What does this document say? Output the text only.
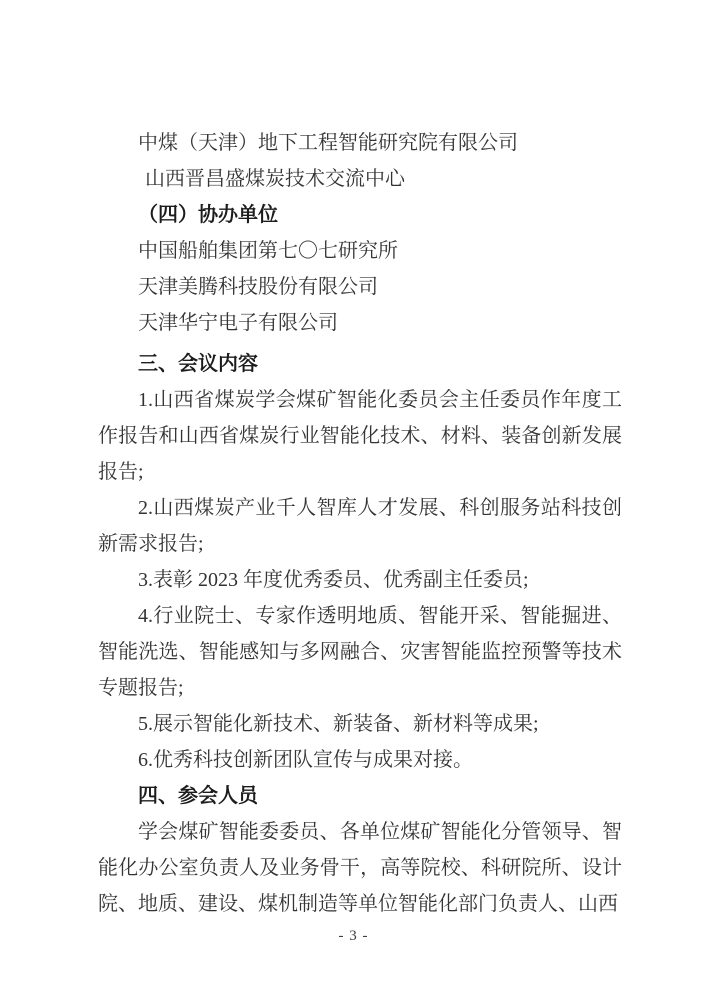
中煤（天津）地下工程智能研究院有限公司
山西晋昌盛煤炭技术交流中心
（四）协办单位
中国船舶集团第七〇七研究所
天津美腾科技股份有限公司
天津华宁电子有限公司
三、会议内容
1.山西省煤炭学会煤矿智能化委员会主任委员作年度工作报告和山西省煤炭行业智能化技术、材料、装备创新发展报告;
2.山西煤炭产业千人智库人才发展、科创服务站科技创新需求报告;
3.表彰 2023 年度优秀委员、优秀副主任委员;
4.行业院士、专家作透明地质、智能开采、智能掘进、智能洗选、智能感知与多网融合、灾害智能监控预警等技术专题报告;
5.展示智能化新技术、新装备、新材料等成果;
6.优秀科技创新团队宣传与成果对接。
四、参会人员
学会煤矿智能委委员、各单位煤矿智能化分管领导、智能化办公室负责人及业务骨干，高等院校、科研院所、设计院、地质、建设、煤机制造等单位智能化部门负责人、山西
- 3 -
